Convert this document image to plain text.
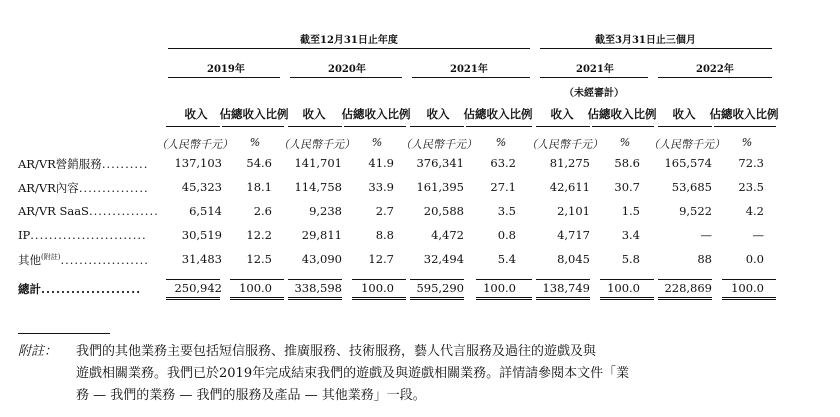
截至12月31日止年度	截至3月31日止三個月
2019年	2020年	2021年	2021年	2022年
（未經審計）
收入	佔總收入比例	收入	佔總收入比例	收入	佔總收入比例	收入	佔總收入比例	收入	佔總收入比例
（人民幣千元）	%	（人民幣千元）	%	（人民幣千元）	%	（人民幣千元）	%	（人民幣千元）	%
AR/VR營銷服務.......... 137,103 54.6 141,701 41.9 376,341 63.2	81,275 58.6 165,574 72.3
AR/VR內容...............	45,323 18.1 114,758 33.9 161,395 27.1	42,611 30.7	53,685 23.5
AR/VR SaaS...............	6,514	2.6	9,238	2.7	20,588	3.5	2,101	1.5	9,522	4.2
IP.........................	30,519 12.2	29,811	8.8	4,472	0.8	4,717	3.4	—	—
其他$^{(附註)}$...................	31,483 12.5	43,090 12.7	32,494	5.4	8,045	5.8	88	0.0
總計....................	250,942 100.0 338,598 100.0 595,290 100.0 138,749 100.0 228,869 100.0
附註： 我們的其他業務主要包括短信服務、推廣服務、技術服務，藝人代言服務及過往的遊戲及與
遊戲相關業務。我們已於2019年完成結束我們的遊戲及與遊戲相關業務。詳情請參閱本文件「業
務 — 我們的業務 — 我們的服務及產品 — 其他業務」一段。
